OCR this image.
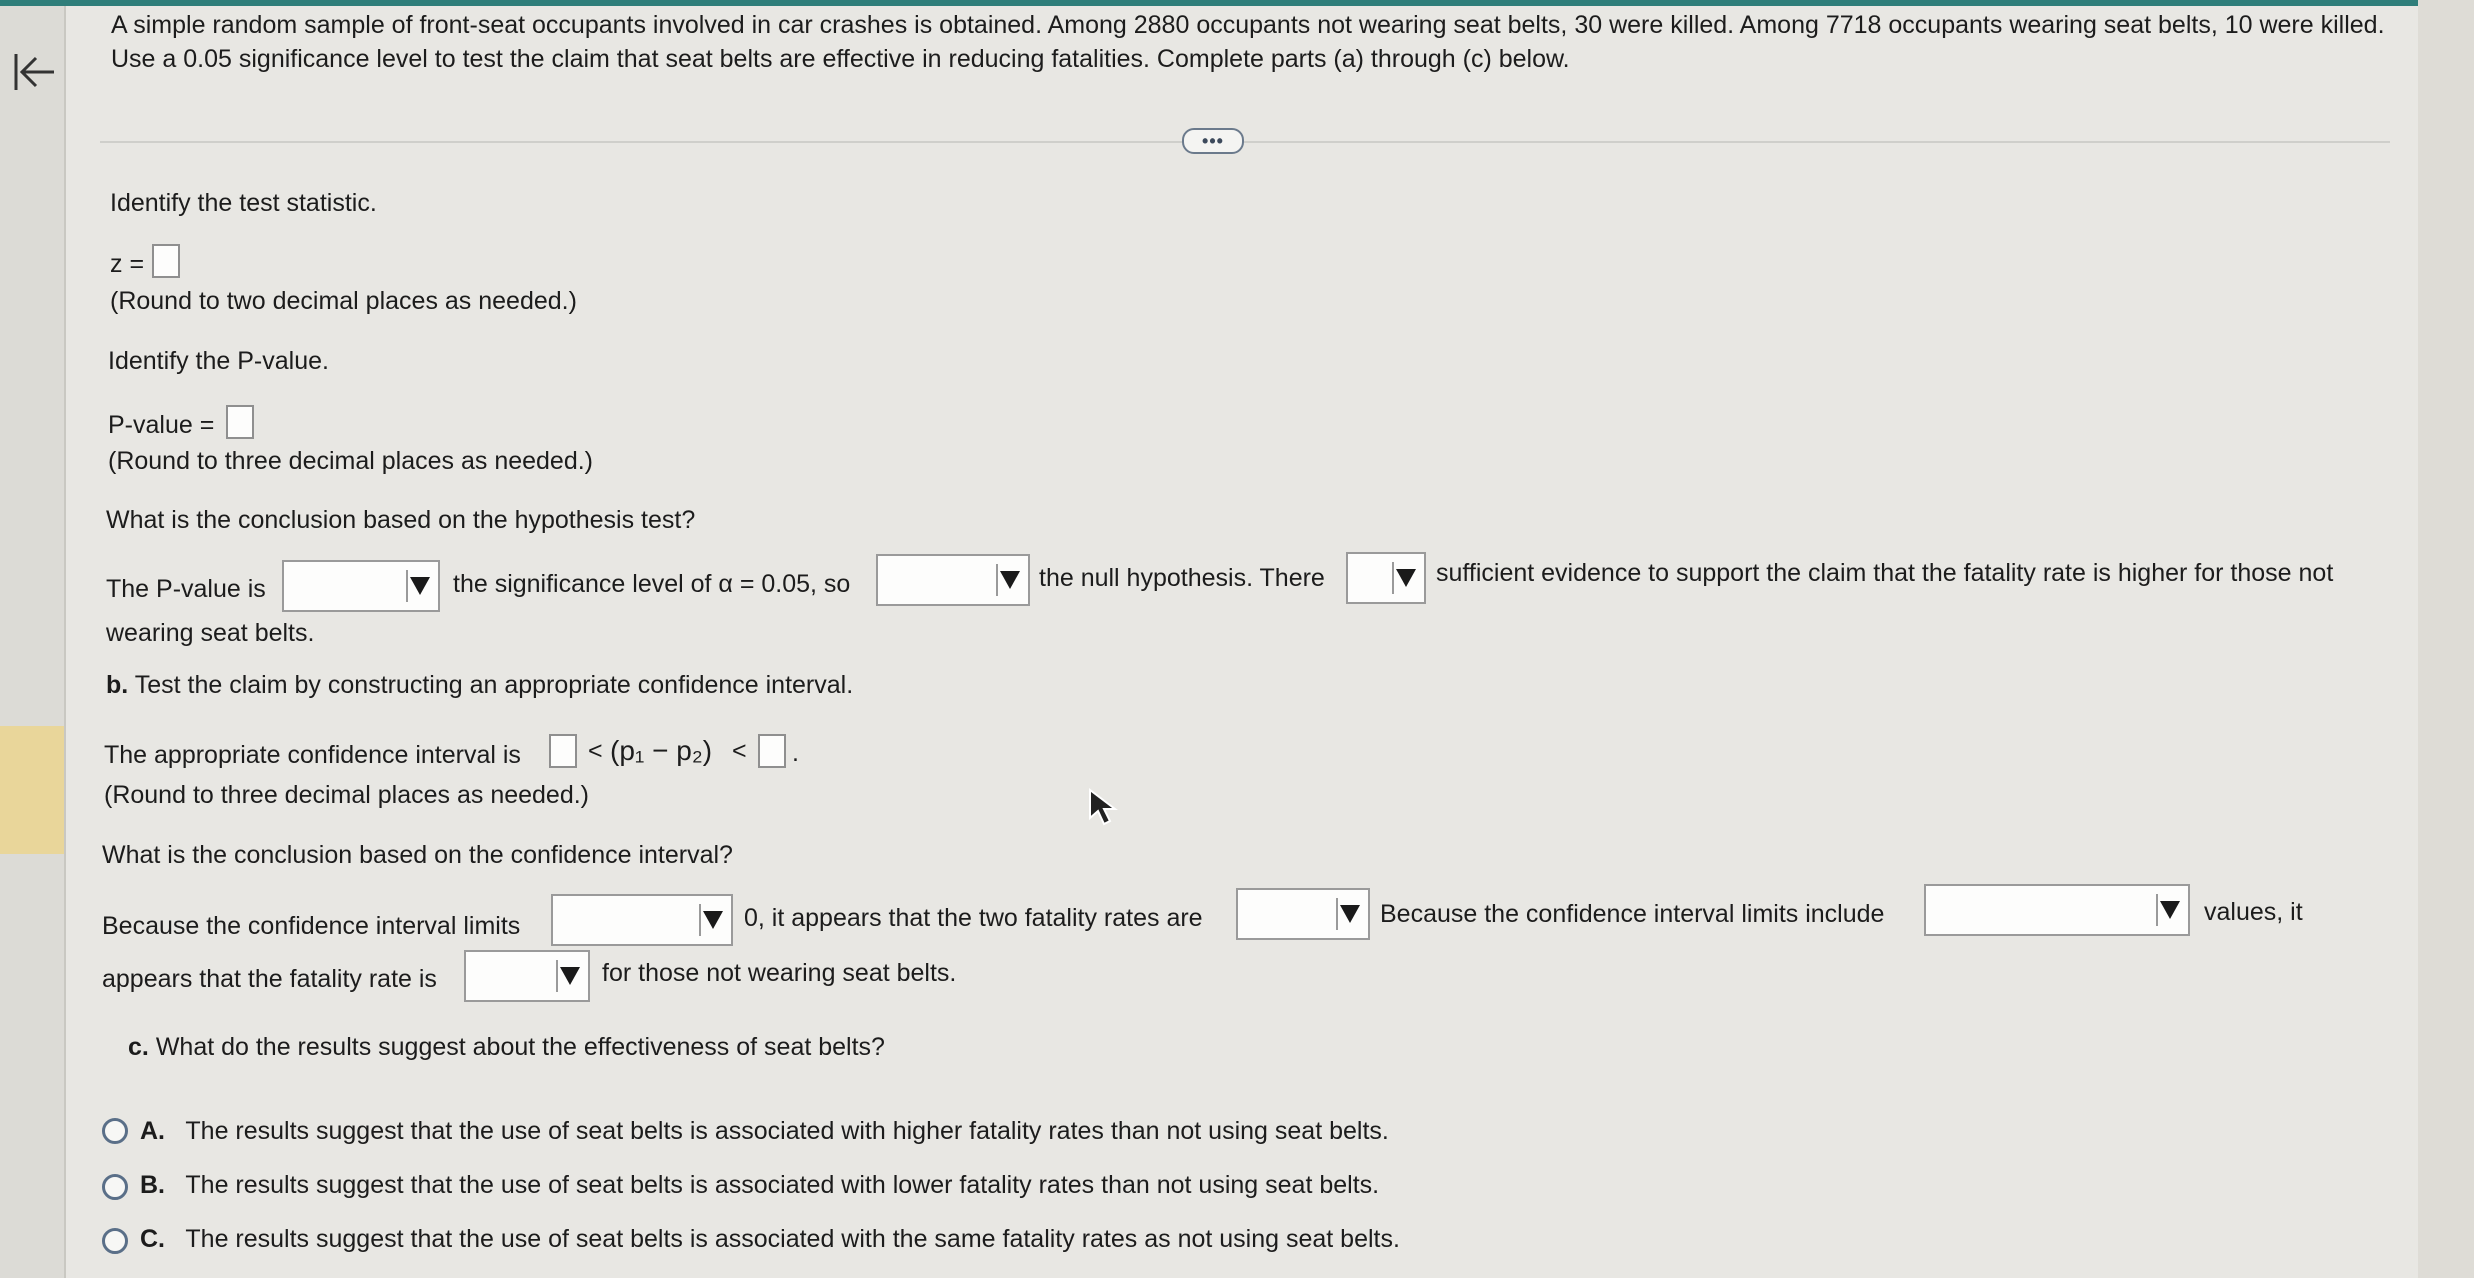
A simple random sample of front-seat occupants involved in car crashes is obtained. Among 2880 occupants not wearing seat belts, 30 were killed. Among 7718 occupants wearing seat belts, 10 were killed. Use a 0.05 significance level to test the claim that seat belts are effective in reducing fatalities. Complete parts (a) through (c) below.
•••
Identify the test statistic.
z =
(Round to two decimal places as needed.)
Identify the P-value.
P-value =
(Round to three decimal places as needed.)
What is the conclusion based on the hypothesis test?
The P-value is	the significance level of α = 0.05, so	the null hypothesis. There	sufficient evidence to support the claim that the fatality rate is higher for those not
wearing seat belts.
b. Test the claim by constructing an appropriate confidence interval.
The appropriate confidence interval is	< (p₁ − p₂) < .
(Round to three decimal places as needed.)
What is the conclusion based on the confidence interval?
Because the confidence interval limits	0, it appears that the two fatality rates are	Because the confidence interval limits include	values, it
appears that the fatality rate is	for those not wearing seat belts.
c. What do the results suggest about the effectiveness of seat belts?
A. The results suggest that the use of seat belts is associated with higher fatality rates than not using seat belts.
B. The results suggest that the use of seat belts is associated with lower fatality rates than not using seat belts.
C. The results suggest that the use of seat belts is associated with the same fatality rates as not using seat belts.
